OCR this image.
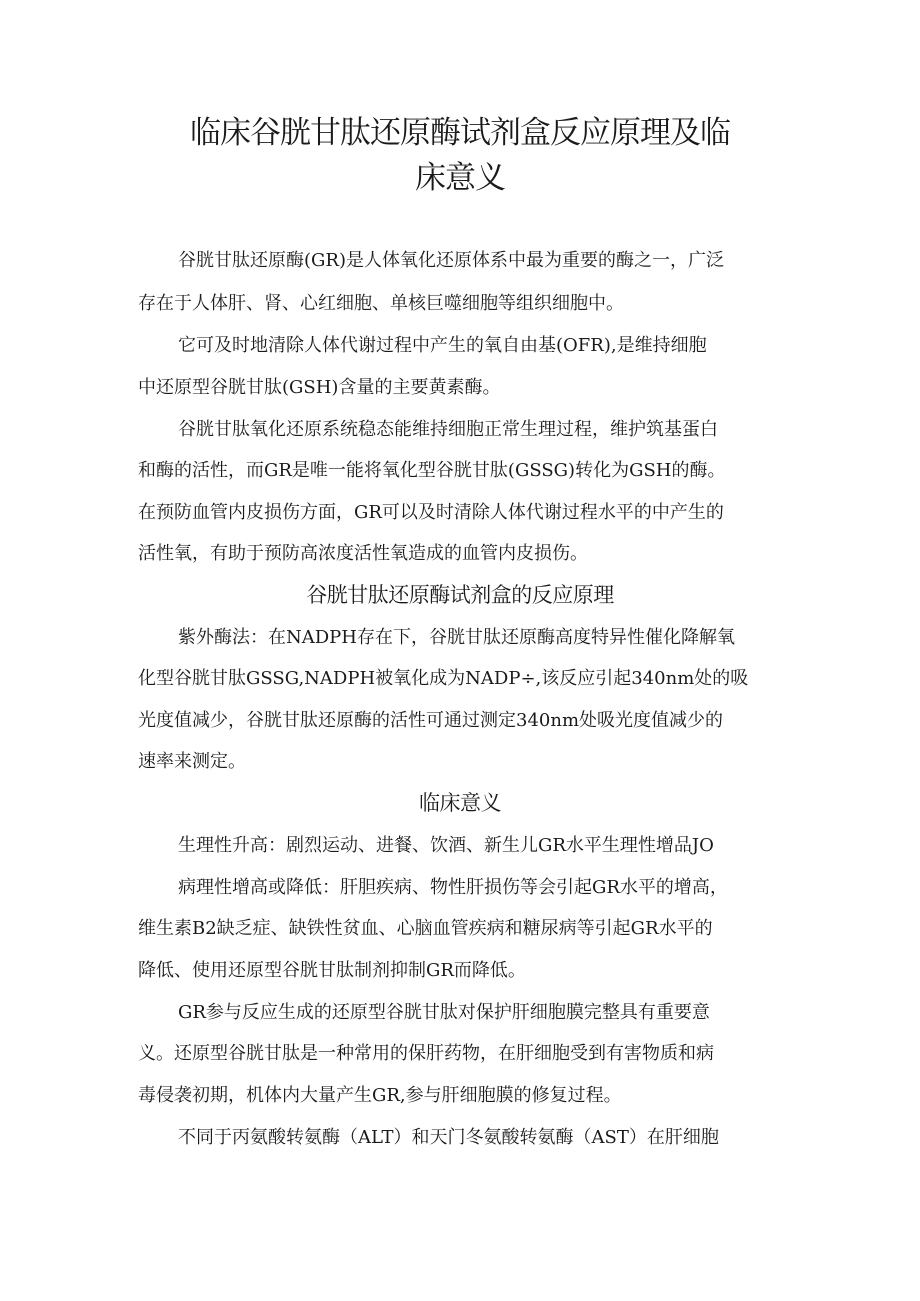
临床谷胱甘肽还原酶试剂盒反应原理及临
床意义
谷胱甘肽还原酶(GR)是人体氧化还原体系中最为重要的酶之一，广泛
存在于人体肝、肾、心红细胞、单核巨噬细胞等组织细胞中。
它可及时地清除人体代谢过程中产生的氧自由基(OFR),是维持细胞
中还原型谷胱甘肽(GSH)含量的主要黄素酶。
谷胱甘肽氧化还原系统稳态能维持细胞正常生理过程，维护筑基蛋白
和酶的活性，而GR是唯一能将氧化型谷胱甘肽(GSSG)转化为GSH的酶。
在预防血管内皮损伤方面，GR可以及时清除人体代谢过程水平的中产生的
活性氧，有助于预防高浓度活性氧造成的血管内皮损伤。
谷胱甘肽还原酶试剂盒的反应原理
紫外酶法：在NADPH存在下，谷胱甘肽还原酶高度特异性催化降解氧
化型谷胱甘肽GSSG,NADPH被氧化成为NADP÷,该反应引起340nm处的吸
光度值减少，谷胱甘肽还原酶的活性可通过测定340nm处吸光度值减少的
速率来测定。
临床意义
生理性升高：剧烈运动、进餐、饮酒、新生儿GR水平生理性增品JO
病理性增高或降低：肝胆疾病、物性肝损伤等会引起GR水平的增高，
维生素B2缺乏症、缺铁性贫血、心脑血管疾病和糖尿病等引起GR水平的
降低、使用还原型谷胱甘肽制剂抑制GR而降低。
GR参与反应生成的还原型谷胱甘肽对保护肝细胞膜完整具有重要意
义。还原型谷胱甘肽是一种常用的保肝药物，在肝细胞受到有害物质和病
毒侵袭初期，机体内大量产生GR,参与肝细胞膜的修复过程。
不同于丙氨酸转氨酶（ALT）和天门冬氨酸转氨酶（AST）在肝细胞
